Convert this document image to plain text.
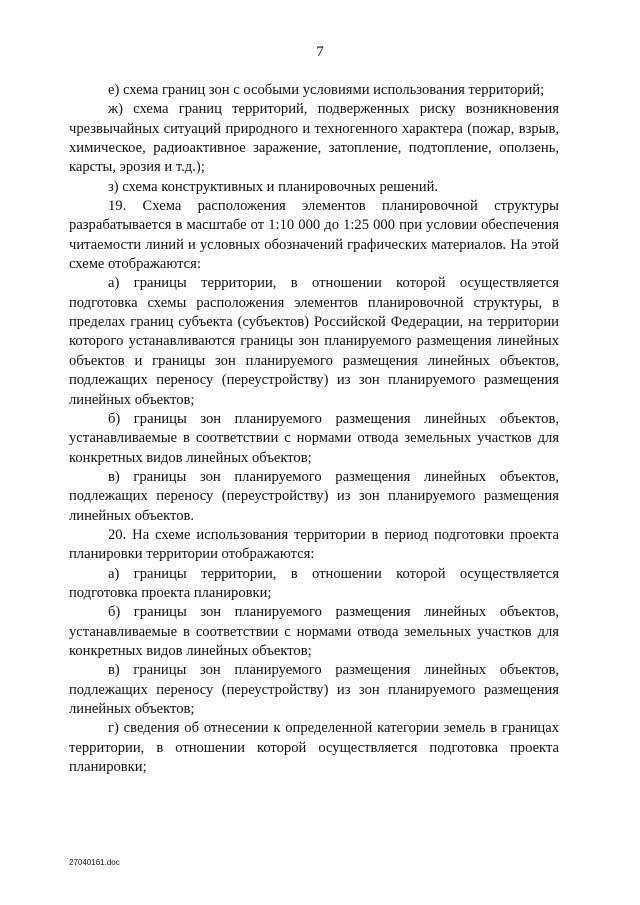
7

е) схема границ зон с особыми условиями использования территорий;

ж) схема границ территорий, подверженных риску возникновения чрезвычайных ситуаций природного и техногенного характера (пожар, взрыв, химическое, радиоактивное заражение, затопление, подтопление, оползень, карсты, эрозия и т.д.);

з) схема конструктивных и планировочных решений.

19. Схема расположения элементов планировочной структуры разрабатывается в масштабе от 1:10 000 до 1:25 000 при условии обеспечения читаемости линий и условных обозначений графических материалов. На этой схеме отображаются:

а) границы территории, в отношении которой осуществляется подготовка схемы расположения элементов планировочной структуры, в пределах границ субъекта (субъектов) Российской Федерации, на территории которого устанавливаются границы зон планируемого размещения линейных объектов и границы зон планируемого размещения линейных объектов, подлежащих переносу (переустройству) из зон планируемого размещения линейных объектов;

б) границы зон планируемого размещения линейных объектов, устанавливаемые в соответствии с нормами отвода земельных участков для конкретных видов линейных объектов;

в) границы зон планируемого размещения линейных объектов, подлежащих переносу (переустройству) из зон планируемого размещения линейных объектов.

20. На схеме использования территории в период подготовки проекта планировки территории отображаются:

а) границы территории, в отношении которой осуществляется подготовка проекта планировки;

б) границы зон планируемого размещения линейных объектов, устанавливаемые в соответствии с нормами отвода земельных участков для конкретных видов линейных объектов;

в) границы зон планируемого размещения линейных объектов, подлежащих переносу (переустройству) из зон планируемого размещения линейных объектов;

г) сведения об отнесении к определенной категории земель в границах территории, в отношении которой осуществляется подготовка проекта планировки;

27040161.doc
